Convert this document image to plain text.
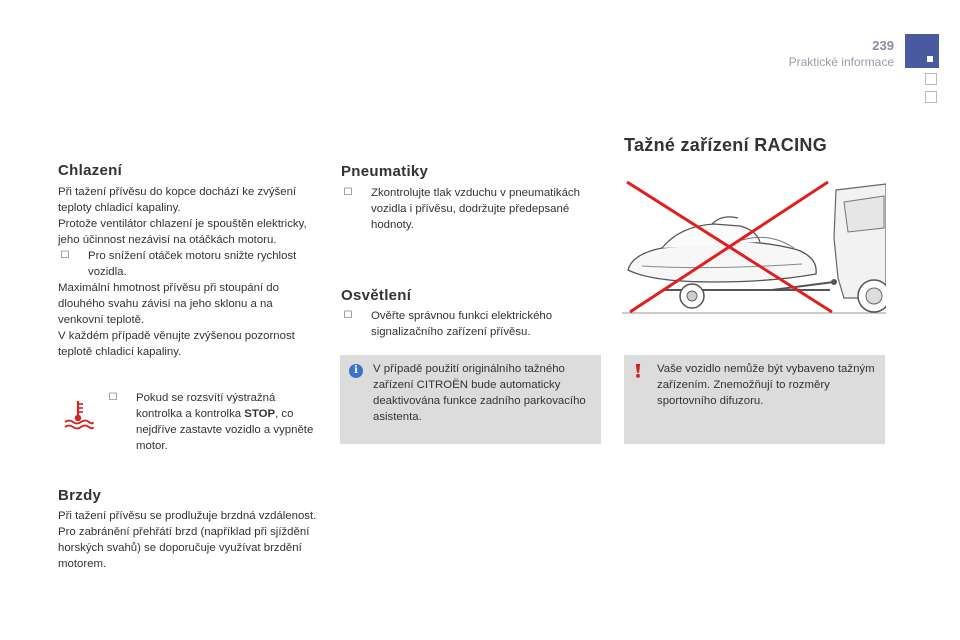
239
Praktické informace
Chlazení

Při tažení přívěsu do kopce dochází ke zvýšení teploty chladicí kapaliny.

Protože ventilátor chlazení je spouštěn elektricky, jeho účinnost nezávisí na otáčkách motoru.

☐ Pro snížení otáček motoru snižte rychlost vozidla.

Maximální hmotnost přívěsu při stoupání do dlouhého svahu závisí na jeho sklonu a na venkovní teplotě.

V každém případě věnujte zvýšenou pozornost teplotě chladicí kapaliny.

☐ Pokud se rozsvítí výstražná kontrolka a kontrolka STOP, co nejdříve zastavte vozidlo a vypněte motor.
Brzdy

Při tažení přívěsu se prodlužuje brzdná vzdálenost.

Pro zabránění přehřátí brzd (například při sjíždění horských svahů) se doporučuje využívat brzdění motorem.

Pneumatiky
☐ Zkontrolujte tlak vzduchu v pneumatikách vozidla i přívěsu, dodržujte předepsané hodnoty.
Osvětlení
☐ Ověřte správnou funkci elektrického signalizačního zařízení přívěsu.
i	V případě použití originálního tažného zařízení CITROËN bude automaticky deaktivována funkce zadního parkovacího asistenta.
Tažné zařízení RACING
Vaše vozidlo nemůže být vybaveno tažným zařízením. Znemožňují to rozměry sportovního difuzoru.
